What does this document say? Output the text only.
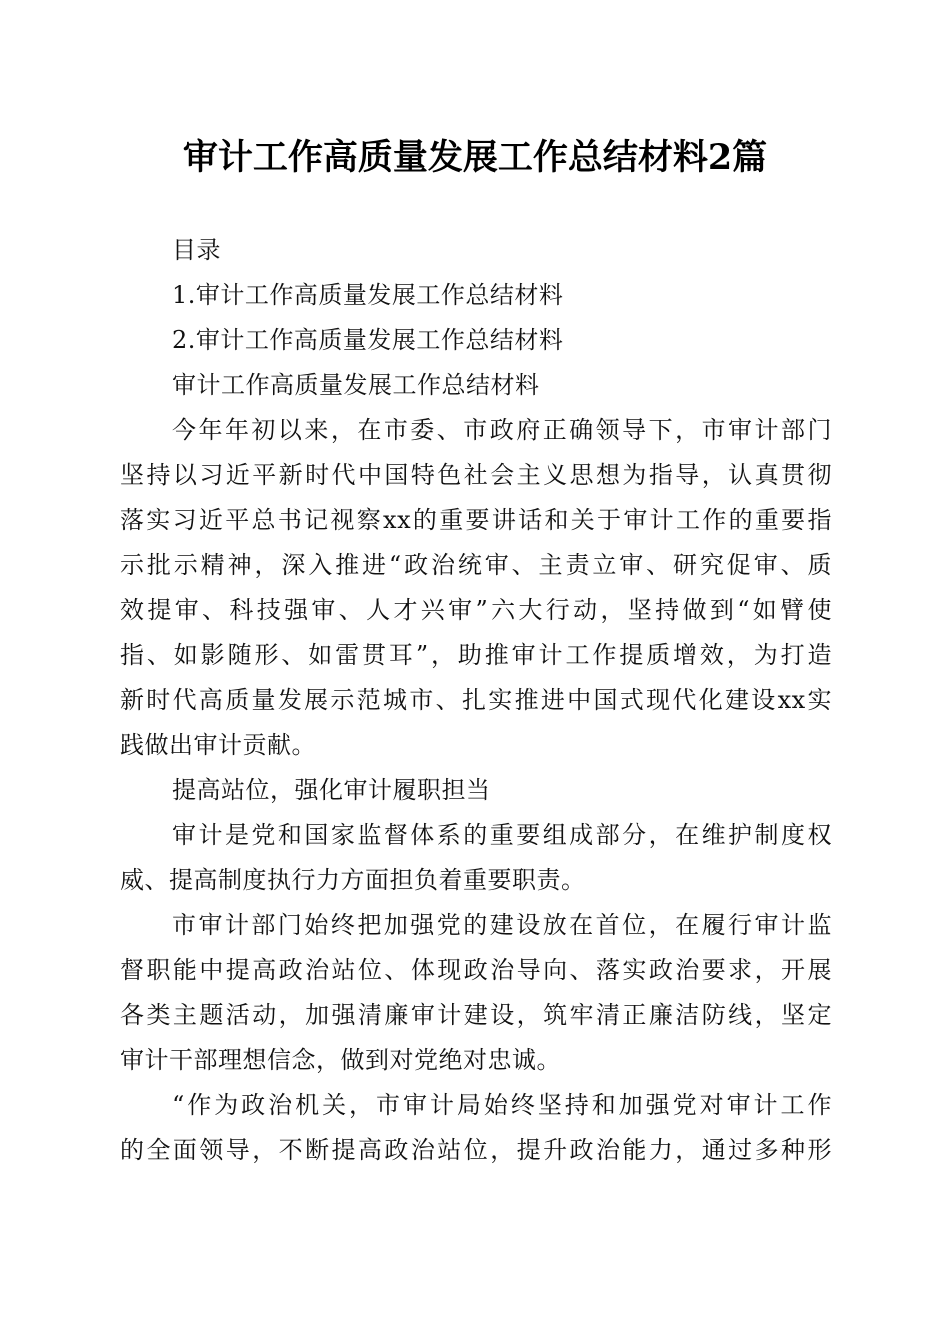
审计工作高质量发展工作总结材料2篇

目录

1.审计工作高质量发展工作总结材料

2.审计工作高质量发展工作总结材料

审计工作高质量发展工作总结材料

今年年初以来，在市委、市政府正确领导下，市审计部门

坚持以习近平新时代中国特色社会主义思想为指导，认真贯彻

落实习近平总书记视察xx的重要讲话和关于审计工作的重要指

示批示精神，深入推进“政治统审、主责立审、研究促审、质

效提审、科技强审、人才兴审”六大行动，坚持做到“如臂使

指、如影随形、如雷贯耳”，助推审计工作提质增效，为打造

新时代高质量发展示范城市、扎实推进中国式现代化建设xx实

践做出审计贡献。

提高站位，强化审计履职担当

审计是党和国家监督体系的重要组成部分，在维护制度权

威、提高制度执行力方面担负着重要职责。

市审计部门始终把加强党的建设放在首位，在履行审计监

督职能中提高政治站位、体现政治导向、落实政治要求，开展

各类主题活动，加强清廉审计建设，筑牢清正廉洁防线，坚定

审计干部理想信念，做到对党绝对忠诚。

“作为政治机关，市审计局始终坚持和加强党对审计工作

的全面领导，不断提高政治站位，提升政治能力，通过多种形
